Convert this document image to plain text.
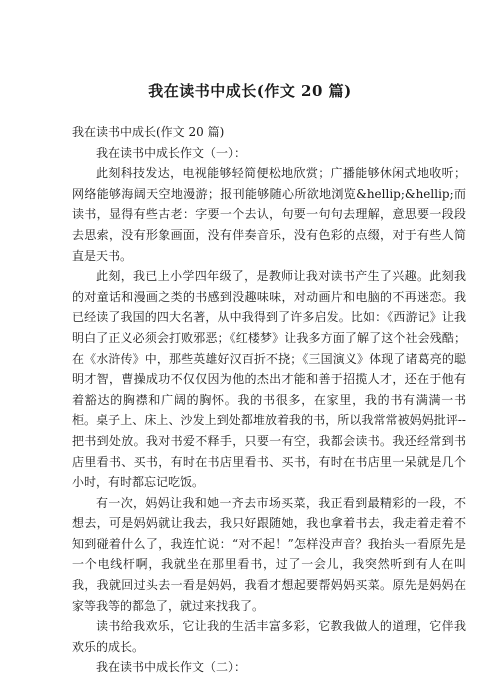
我在读书中成长(作文 20 篇)

我在读书中成长(作文 20 篇)

我在读书中成长作文（一）：

此刻科技发达，电视能够轻简便松地欣赏；广播能够休闲式地收听；网络能够海阔天空地漫游；报刊能够随心所欲地浏览&hellip;&hellip;而读书，显得有些古老：字要一个去认，句要一句句去理解，意思要一段段去思索，没有形象画面，没有伴奏音乐，没有色彩的点缀，对于有些人简直是天书。

此刻，我已上小学四年级了，是教师让我对读书产生了兴趣。此刻我的对童话和漫画之类的书感到没趣味味，对动画片和电脑的不再迷恋。我已经读了我国的四大名著，从中我得到了许多启发。比如：《西游记》让我明白了正义必须会打败邪恶；《红楼梦》让我多方面了解了这个社会残酷；在《水浒传》中，那些英雄好汉百折不挠；《三国演义》体现了诸葛亮的聪明才智，曹操成功不仅仅因为他的杰出才能和善于招揽人才，还在于他有着豁达的胸襟和广阔的胸怀。我的书很多，在家里，我的书有满满一书柜。桌子上、床上、沙发上到处都堆放着我的书，所以我常常被妈妈批评--把书到处放。我对书爱不释手，只要一有空，我都会读书。我还经常到书店里看书、买书，有时在书店里看书、买书，有时在书店里一呆就是几个小时，有时都忘记吃饭。

有一次，妈妈让我和她一齐去市场买菜，我正看到最精彩的一段，不想去，可是妈妈就让我去，我只好跟随她，我也拿着书去，我走着走着不知到碰着什么了，我连忙说：“对不起！”怎样没声音？我抬头一看原先是一个电线杆啊，我就坐在那里看书，过了一会儿，我突然听到有人在叫我，我就回过头去一看是妈妈，我看才想起要帮妈妈买菜。原先是妈妈在家等我等的都急了，就过来找我了。

读书给我欢乐，它让我的生活丰富多彩，它教我做人的道理，它伴我欢乐的成长。

我在读书中成长作文（二）：
